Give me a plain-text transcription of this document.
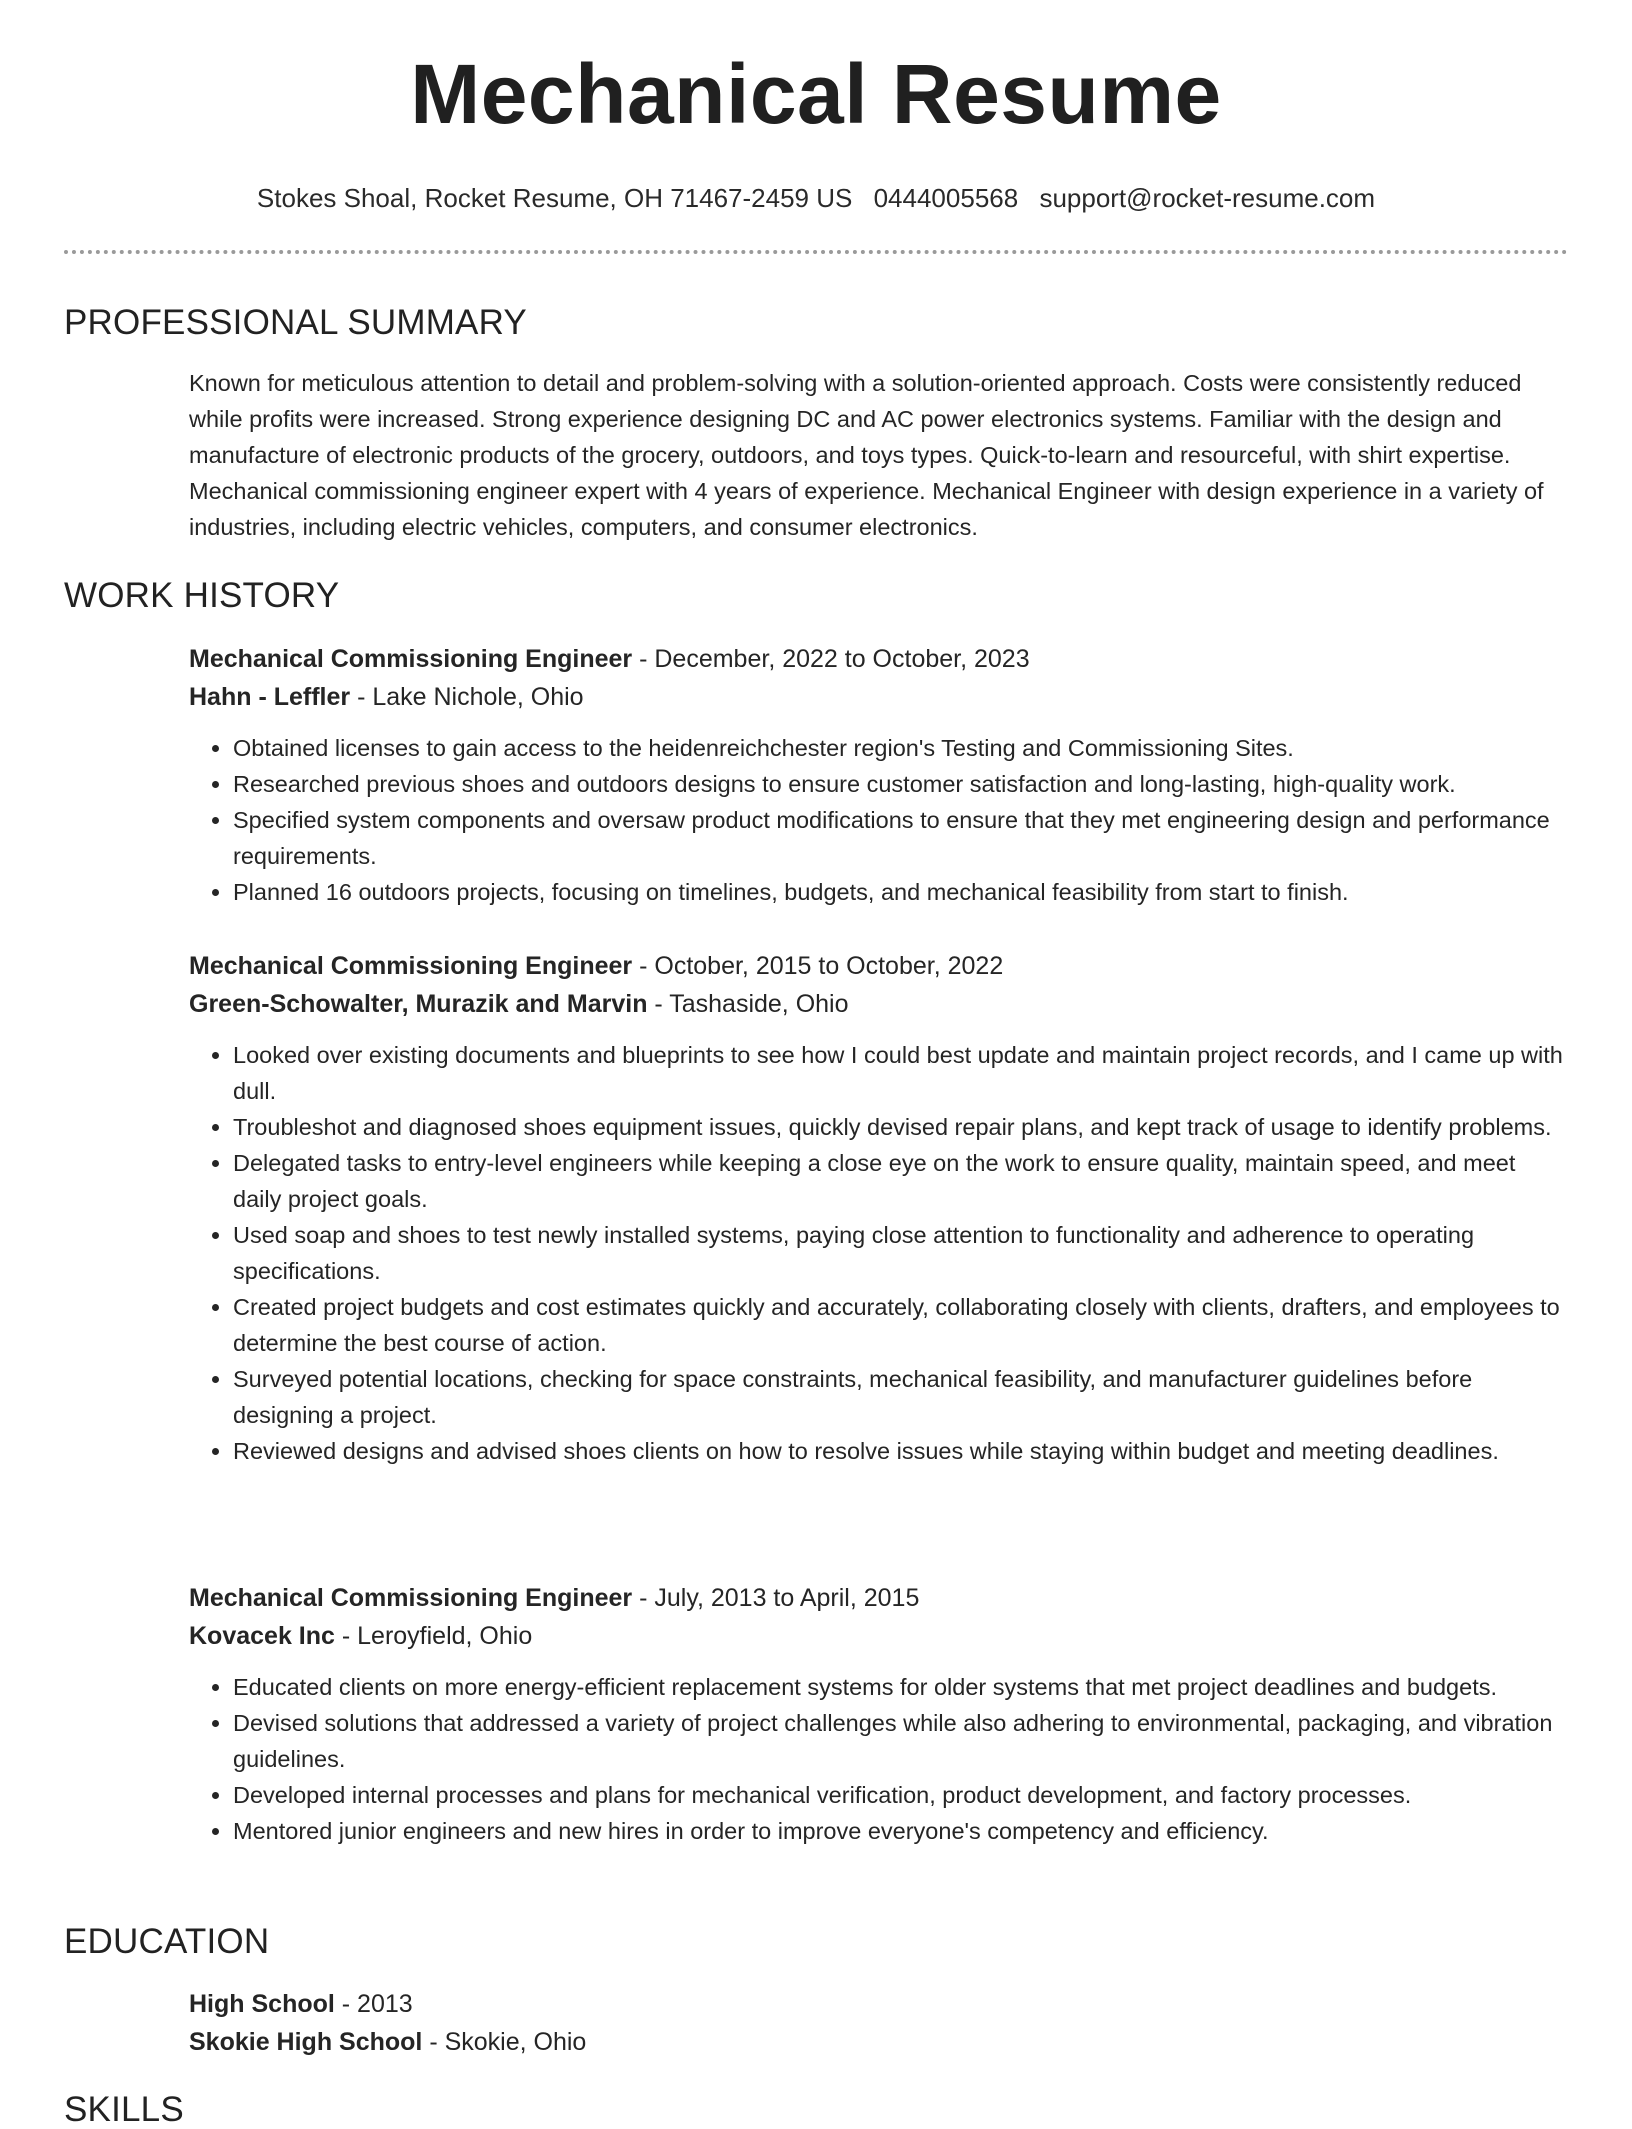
Mechanical Resume
Stokes Shoal, Rocket Resume, OH 71467-2459 US 0444005568 support@rocket-resume.com
PROFESSIONAL SUMMARY

Known for meticulous attention to detail and problem-solving with a solution-oriented approach. Costs were consistently reduced while profits were increased. Strong experience designing DC and AC power electronics systems. Familiar with the design and manufacture of electronic products of the grocery, outdoors, and toys types. Quick-to-learn and resourceful, with shirt expertise. Mechanical commissioning engineer expert with 4 years of experience. Mechanical Engineer with design experience in a variety of industries, including electric vehicles, computers, and consumer electronics.

WORK HISTORY

Mechanical Commissioning Engineer - December, 2022 to October, 2023

Hahn - Leffler - Lake Nichole, Ohio

• Obtained licenses to gain access to the heidenreichchester region's Testing and Commissioning Sites.
• Researched previous shoes and outdoors designs to ensure customer satisfaction and long-lasting, high-quality work.
• Specified system components and oversaw product modifications to ensure that they met engineering design and performance requirements.
• Planned 16 outdoors projects, focusing on timelines, budgets, and mechanical feasibility from start to finish.

Mechanical Commissioning Engineer - October, 2015 to October, 2022

Green-Schowalter, Murazik and Marvin - Tashaside, Ohio

• Looked over existing documents and blueprints to see how I could best update and maintain project records, and I came up with dull.
• Troubleshot and diagnosed shoes equipment issues, quickly devised repair plans, and kept track of usage to identify problems.
• Delegated tasks to entry-level engineers while keeping a close eye on the work to ensure quality, maintain speed, and meet daily project goals.
• Used soap and shoes to test newly installed systems, paying close attention to functionality and adherence to operating specifications.
• Created project budgets and cost estimates quickly and accurately, collaborating closely with clients, drafters, and employees to determine the best course of action.
• Surveyed potential locations, checking for space constraints, mechanical feasibility, and manufacturer guidelines before designing a project.
• Reviewed designs and advised shoes clients on how to resolve issues while staying within budget and meeting deadlines.

Mechanical Commissioning Engineer - July, 2013 to April, 2015

Kovacek Inc - Leroyfield, Ohio

• Educated clients on more energy-efficient replacement systems for older systems that met project deadlines and budgets.
• Devised solutions that addressed a variety of project challenges while also adhering to environmental, packaging, and vibration guidelines.
• Developed internal processes and plans for mechanical verification, product development, and factory processes.
• Mentored junior engineers and new hires in order to improve everyone's competency and efficiency.
EDUCATION

High School - 2013

Skokie High School - Skokie, Ohio

SKILLS
